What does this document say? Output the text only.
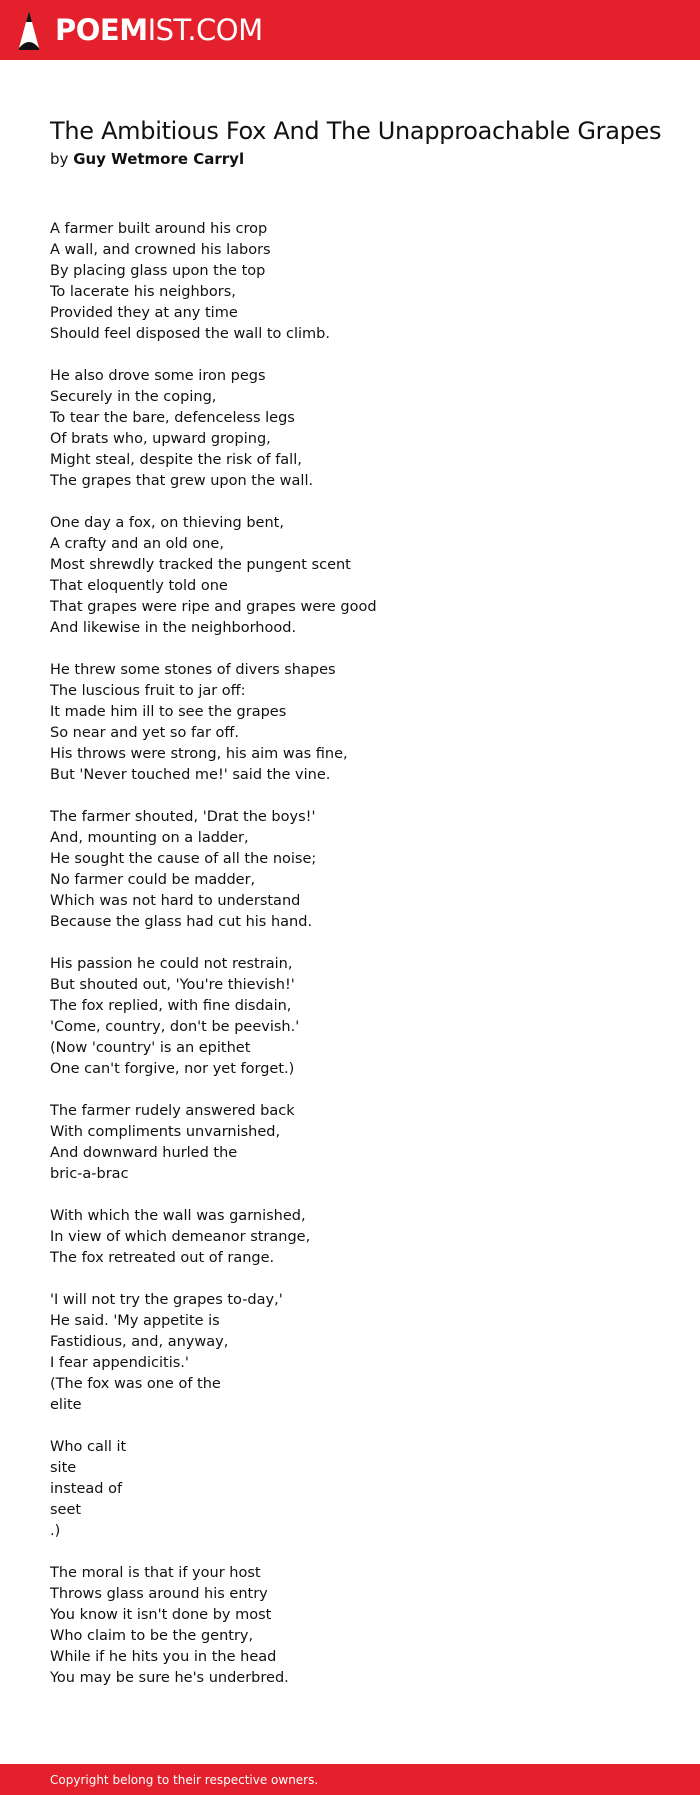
POEMIST.COM
The Ambitious Fox And The Unapproachable Grapes
by Guy Wetmore Carryl
A farmer built around his crop
A wall, and crowned his labors
By placing glass upon the top
To lacerate his neighbors,
Provided they at any time
Should feel disposed the wall to climb.
He also drove some iron pegs
Securely in the coping,
To tear the bare, defenceless legs
Of brats who, upward groping,
Might steal, despite the risk of fall,
The grapes that grew upon the wall.
One day a fox, on thieving bent,
A crafty and an old one,
Most shrewdly tracked the pungent scent
That eloquently told one
That grapes were ripe and grapes were good
And likewise in the neighborhood.
He threw some stones of divers shapes
The luscious fruit to jar off:
It made him ill to see the grapes
So near and yet so far off.
His throws were strong, his aim was fine,
But 'Never touched me!' said the vine.
The farmer shouted, 'Drat the boys!'
And, mounting on a ladder,
He sought the cause of all the noise;
No farmer could be madder,
Which was not hard to understand
Because the glass had cut his hand.
His passion he could not restrain,
But shouted out, 'You're thievish!'
The fox replied, with fine disdain,
'Come, country, don't be peevish.'
(Now 'country' is an epithet
One can't forgive, nor yet forget.)
The farmer rudely answered back
With compliments unvarnished,
And downward hurled the
bric-a-brac
With which the wall was garnished,
In view of which demeanor strange,
The fox retreated out of range.
'I will not try the grapes to-day,'
He said. 'My appetite is
Fastidious, and, anyway,
I fear appendicitis.'
(The fox was one of the
elite
Who call it
site
instead of
seet
.)
The moral is that if your host
Throws glass around his entry
You know it isn't done by most
Who claim to be the gentry,
While if he hits you in the head
You may be sure he's underbred.
Copyright belong to their respective owners.
